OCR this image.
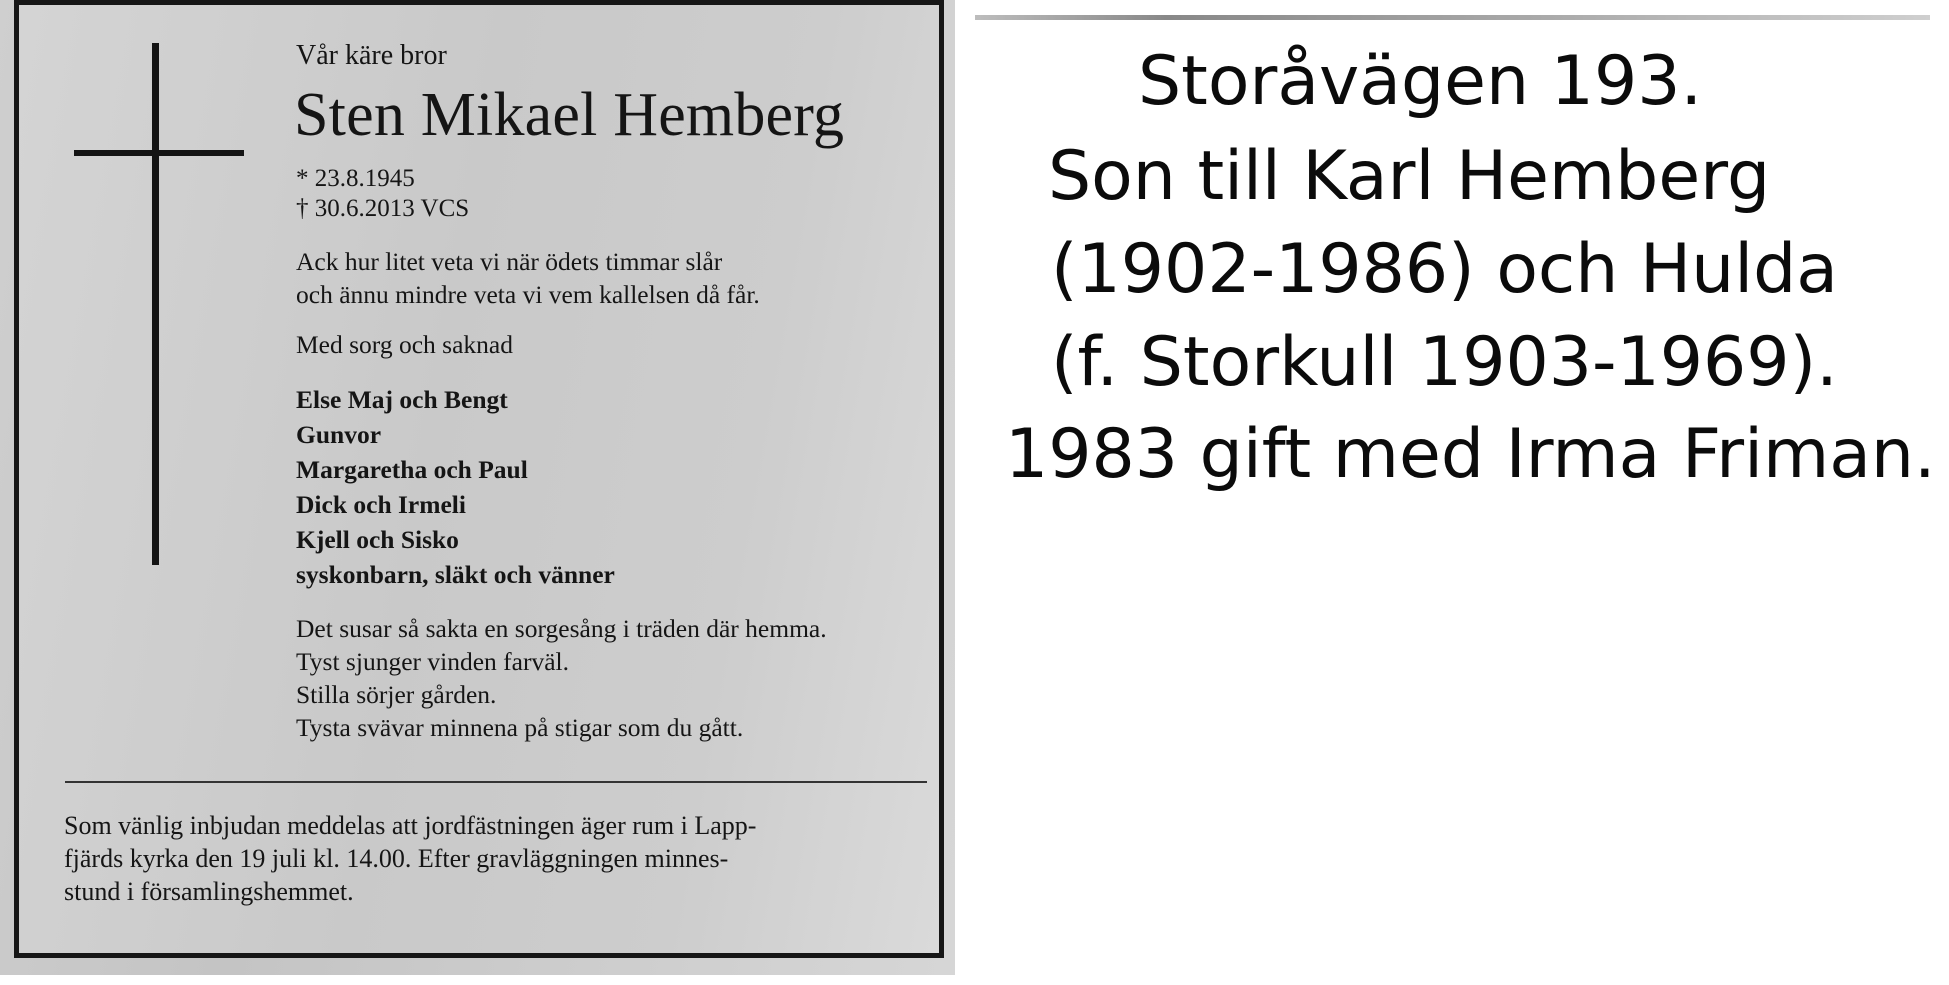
Vår käre bror
Sten Mikael Hemberg
* 23.8.1945
† 30.6.2013 VCS
Ack hur litet veta vi när ödets timmar slår
och ännu mindre veta vi vem kallelsen då får.
Med sorg och saknad
Else Maj och Bengt
Gunvor
Margaretha och Paul
Dick och Irmeli
Kjell och Sisko
syskonbarn, släkt och vänner
Det susar så sakta en sorgesång i träden där hemma.
Tyst sjunger vinden farväl.
Stilla sörjer gården.
Tysta svävar minnena på stigar som du gått.
Som vänlig inbjudan meddelas att jordfästningen äger rum i Lapp-
fjärds kyrka den 19 juli kl. 14.00. Efter gravläggningen minnes-
stund i församlingshemmet.
Storåvägen 193.
Son till Karl Hemberg
(1902-1986) och Hulda
(f. Storkull 1903-1969).
1983 gift med Irma Friman.
